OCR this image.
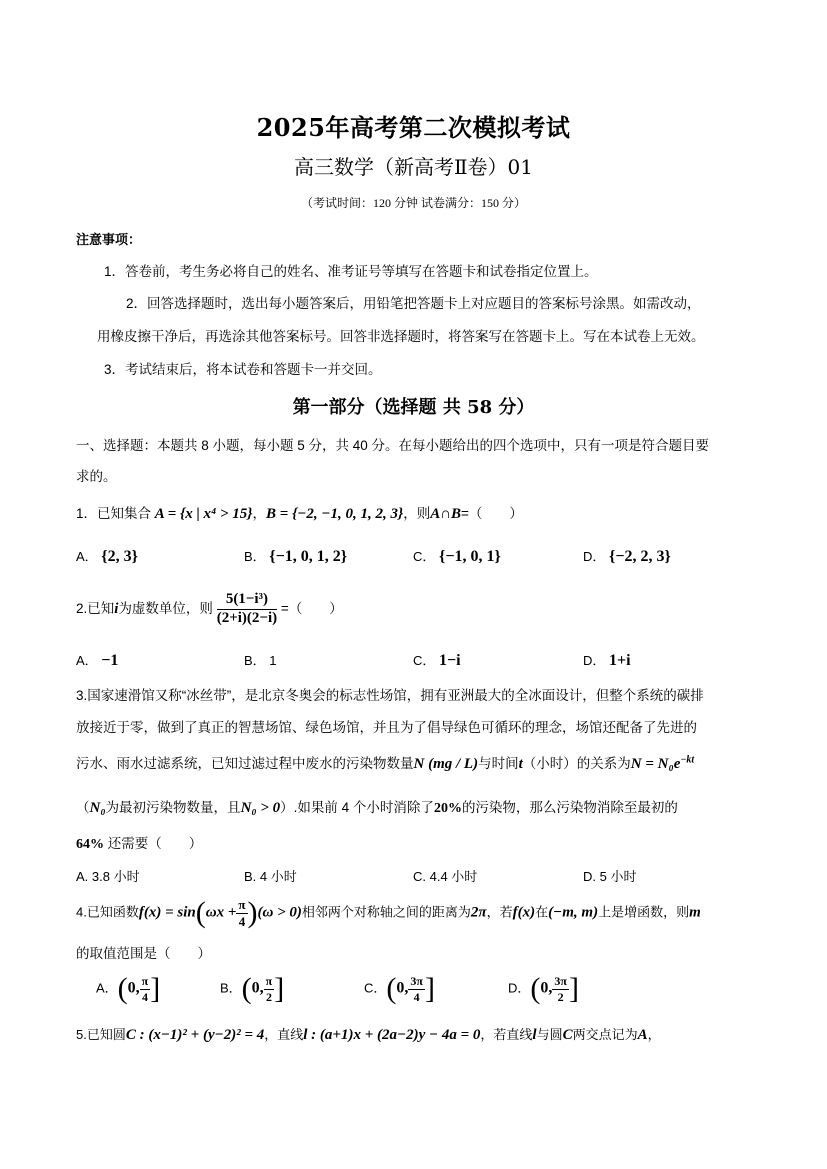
2025年高考第二次模拟考试
高三数学（新高考Ⅱ卷）01
（考试时间：120 分钟 试卷满分：150 分）
注意事项：
1．答卷前，考生务必将自己的姓名、准考证号等填写在答题卡和试卷指定位置上。
2．回答选择题时，选出每小题答案后，用铅笔把答题卡上对应题目的答案标号涂黑。如需改动，
用橡皮擦干净后，再选涂其他答案标号。回答非选择题时，将答案写在答题卡上。写在本试卷上无效。
3．考试结束后，将本试卷和答题卡一并交回。
第一部分（选择题 共 58 分）
一、选择题：本题共 8 小题，每小题 5 分，共 40 分。在每小题给出的四个选项中，只有一项是符合题目要
求的。
1．已知集合 A = {x | x⁴ > 15}，B = {−2, −1, 0, 1, 2, 3}，则A∩B=（　　）
A． {2, 3}	B． {−1, 0, 1, 2}	C． {−1, 0, 1}	D． {−2, 2, 3}
2.已知i为虚数单位，则 $\frac{\text{5(1−i³)}}{(2+i)(2-i)}$ =（　　）
A． −1	B． 1	C． 1−i	D． 1+i
3.国家速滑馆又称“冰丝带”，是北京冬奥会的标志性场馆，拥有亚洲最大的全冰面设计，但整个系统的碳排
放接近于零，做到了真正的智慧场馆、绿色场馆，并且为了倡导绿色可循环的理念，场馆还配备了先进的
污水、雨水过滤系统，已知过滤过程中废水的污染物数量N (mg / L)与时间t（小时）的关系为$N = N_0e^{-kt}$
（N₀为最初污染物数量，且N₀ > 0）.如果前 4 个小时消除了20%的污染物，那么污染物消除至最初的
64% 还需要（　　）
A. 3.8 小时	B. 4 小时	C. 4.4 小时	D. 5 小时
4.已知函数$f(x) = \sin(\omega x + \frac{\pi}{4} )(\omega > 0)$相邻两个对称轴之间的距离为2π，若f(x)在(−m, m)上是增函数，则m
的取值范围是（　　）
A．(0, $\frac{\pi}{4}$ ]	B．(0, $\frac{\pi}{2}$ ]	C．(0, $\frac{3\pi}{4}$ ]	D．(0, $\frac{3\pi}{2}$ ]
5.已知圆C : (x−1)² + (y−2)² = 4，直线l : (a+1)x + (2a−2)y − 4a = 0，若直线l与圆C两交点记为A，
